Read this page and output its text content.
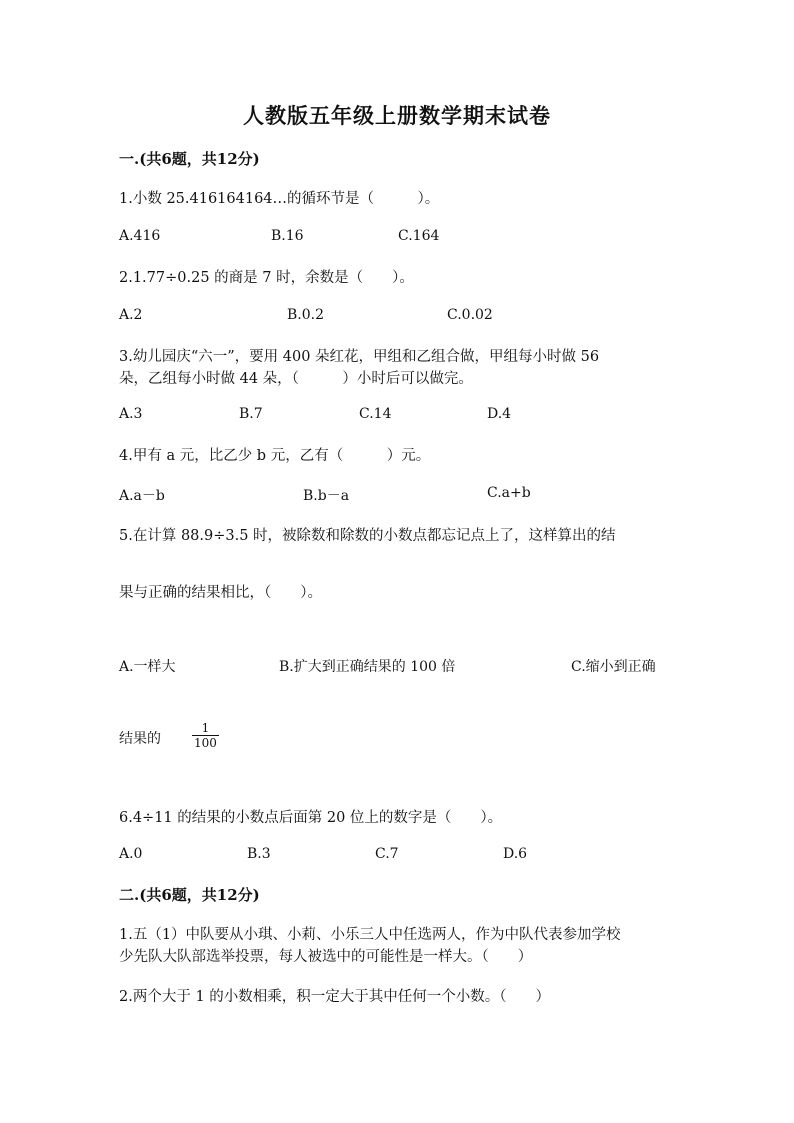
人教版五年级上册数学期末试卷
一.(共6题，共12分)
1.小数 25.416164164…的循环节是（　　　）。
A.416	B.16	C.164
2.1.77÷0.25 的商是 7 时，余数是（　　）。
A.2	B.0.2	C.0.02
3.幼儿园庆“六一”，要用 400 朵红花，甲组和乙组合做，甲组每小时做 56
朵，乙组每小时做 44 朵，（　　　）小时后可以做完。
A.3	B.7	C.14	D.4
4.甲有 a 元，比乙少 b 元，乙有（　　　）元。
A.a－b	B.b－a	C.a+b
5.在计算 88.9÷3.5 时，被除数和除数的小数点都忘记点上了，这样算出的结
果与正确的结果相比，（　　）。
A.一样大	B.扩大到正确结果的 100 倍	C.缩小到正确
结果的
1
100
6.4÷11 的结果的小数点后面第 20 位上的数字是（　　）。
A.0	B.3	C.7	D.6
二.(共6题，共12分)
1.五（1）中队要从小琪、小莉、小乐三人中任选两人，作为中队代表参加学校
少先队大队部选举投票，每人被选中的可能性是一样大。（　　）
2.两个大于 1 的小数相乘，积一定大于其中任何一个小数。（　　）
